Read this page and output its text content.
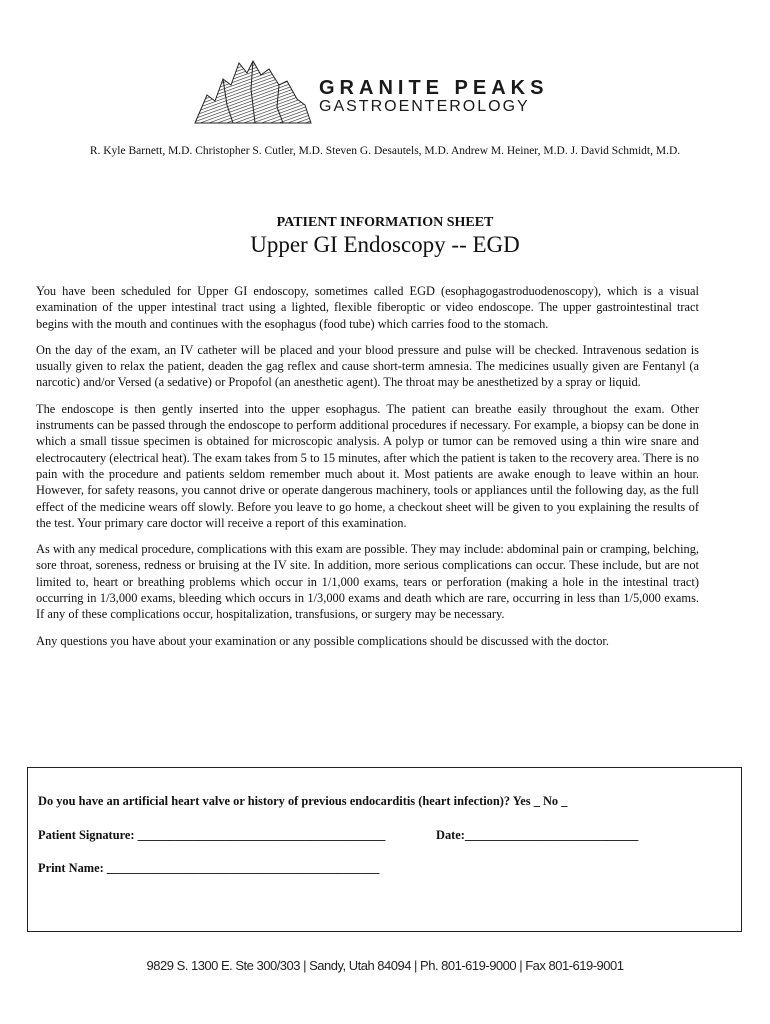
GRANITE PEAKS
GASTROENTEROLOGY
R. Kyle Barnett, M.D. Christopher S. Cutler, M.D. Steven G. Desautels, M.D. Andrew M. Heiner, M.D. J. David Schmidt, M.D.
PATIENT INFORMATION SHEET
Upper GI Endoscopy -- EGD

You have been scheduled for Upper GI endoscopy, sometimes called EGD (esophagogastroduodenoscopy), which is a visual examination of the upper intestinal tract using a lighted, flexible fiberoptic or video endoscope. The upper gastrointestinal tract begins with the mouth and continues with the esophagus (food tube) which carries food to the stomach.

On the day of the exam, an IV catheter will be placed and your blood pressure and pulse will be checked. Intravenous sedation is usually given to relax the patient, deaden the gag reflex and cause short-term amnesia. The medicines usually given are Fentanyl (a narcotic) and/or Versed (a sedative) or Propofol (an anesthetic agent). The throat may be anesthetized by a spray or liquid.

The endoscope is then gently inserted into the upper esophagus. The patient can breathe easily throughout the exam. Other instruments can be passed through the endoscope to perform additional procedures if necessary. For example, a biopsy can be done in which a small tissue specimen is obtained for microscopic analysis. A polyp or tumor can be removed using a thin wire snare and electrocautery (electrical heat). The exam takes from 5 to 15 minutes, after which the patient is taken to the recovery area. There is no pain with the procedure and patients seldom remember much about it. Most patients are awake enough to leave within an hour. However, for safety reasons, you cannot drive or operate dangerous machinery, tools or appliances until the following day, as the full effect of the medicine wears off slowly. Before you leave to go home, a checkout sheet will be given to you explaining the results of the test. Your primary care doctor will receive a report of this examination.

As with any medical procedure, complications with this exam are possible. They may include: abdominal pain or cramping, belching, sore throat, soreness, redness or bruising at the IV site. In addition, more serious complications can occur. These include, but are not limited to, heart or breathing problems which occur in 1/1,000 exams, tears or perforation (making a hole in the intestinal tract) occurring in 1/3,000 exams, bleeding which occurs in 1/3,000 exams and death which are rare, occurring in less than 1/5,000 exams. If any of these complications occur, hospitalization, transfusions, or surgery may be necessary.

Any questions you have about your examination or any possible complications should be discussed with the doctor.

Do you have an artificial heart valve or history of previous endocarditis (heart infection)? Yes _ No _
Patient Signature: ________________________________________	Date:____________________________
Print Name: ____________________________________________
9829 S. 1300 E. Ste 300/303 | Sandy, Utah 84094 | Ph. 801-619-9000 | Fax 801-619-9001
